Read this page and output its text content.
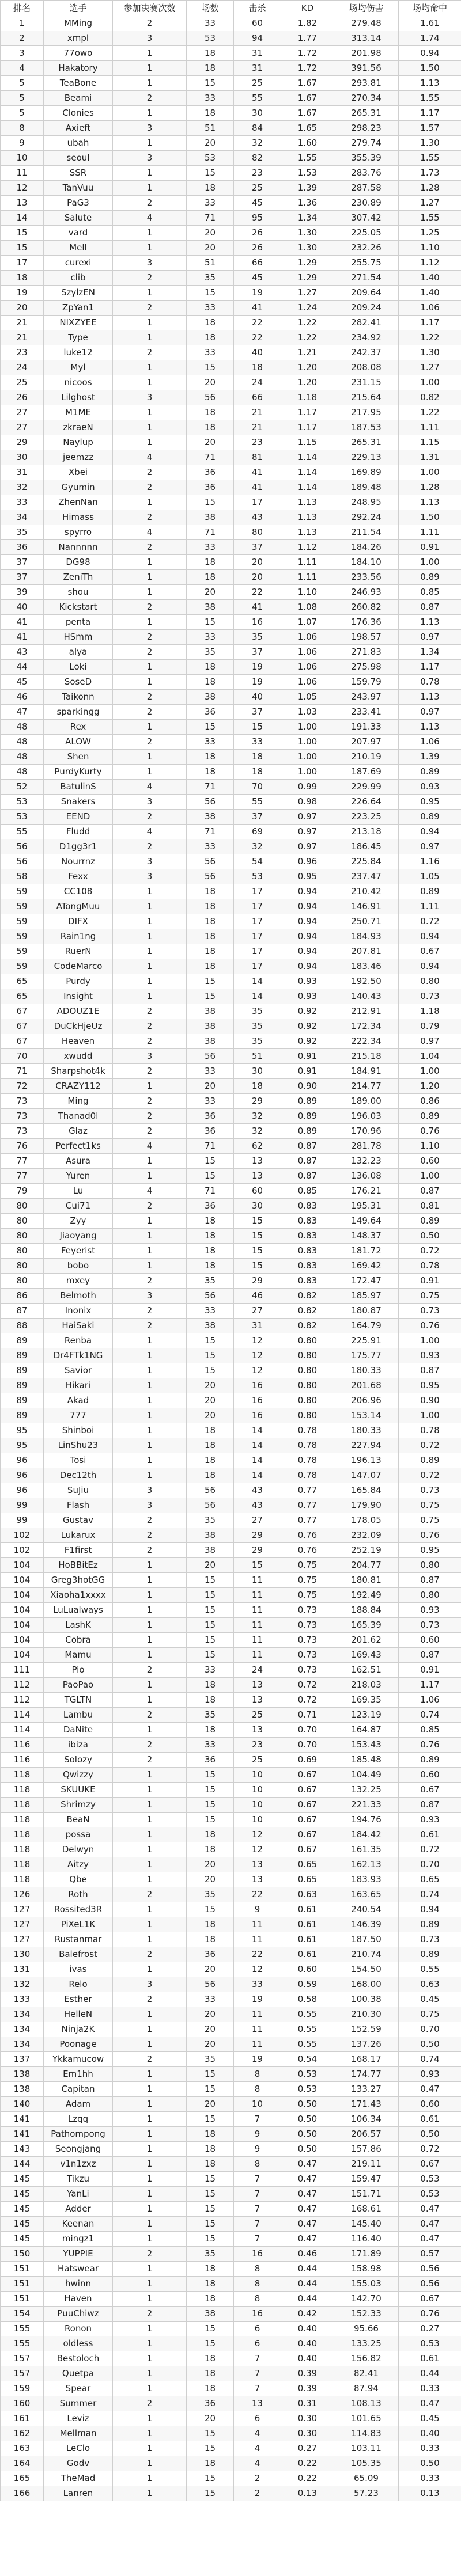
排名	选手	参加决赛次数	场数	击杀	KD	场均伤害	场均命中
1	MMing	2	33	60	1.82	279.48	1.61
2	xmpl	3	53	94	1.77	313.14	1.74
3	77owo	1	18	31	1.72	201.98	0.94
4	Hakatory	1	18	31	1.72	391.56	1.50
5	TeaBone	1	15	25	1.67	293.81	1.13
5	Beami	2	33	55	1.67	270.34	1.55
5	Clonies	1	18	30	1.67	265.31	1.17
8	Axieft	3	51	84	1.65	298.23	1.57
9	ubah	1	20	32	1.60	279.74	1.30
10	seoul	3	53	82	1.55	355.39	1.55
11	SSR	1	15	23	1.53	283.76	1.73
12	TanVuu	1	18	25	1.39	287.58	1.28
13	PaG3	2	33	45	1.36	230.89	1.27
14	Salute	4	71	95	1.34	307.42	1.55
15	vard	1	20	26	1.30	225.05	1.25
15	Mell	1	20	26	1.30	232.26	1.10
17	curexi	3	51	66	1.29	255.75	1.12
18	clib	2	35	45	1.29	271.54	1.40
19	SzylzEN	1	15	19	1.27	209.64	1.40
20	ZpYan1	2	33	41	1.24	209.24	1.06
21	NIXZYEE	1	18	22	1.22	282.41	1.17
21	Type	1	18	22	1.22	234.92	1.22
23	luke12	2	33	40	1.21	242.37	1.30
24	Myl	1	15	18	1.20	208.08	1.27
25	nicoos	1	20	24	1.20	231.15	1.00
26	Lilghost	3	56	66	1.18	215.64	0.82
27	M1ME	1	18	21	1.17	217.95	1.22
27	zkraeN	1	18	21	1.17	187.53	1.11
29	Naylup	1	20	23	1.15	265.31	1.15
30	jeemzz	4	71	81	1.14	229.13	1.31
31	Xbei	2	36	41	1.14	169.89	1.00
32	Gyumin	2	36	41	1.14	189.48	1.28
33	ZhenNan	1	15	17	1.13	248.95	1.13
34	Himass	2	38	43	1.13	292.24	1.50
35	spyrro	4	71	80	1.13	211.54	1.11
36	Nannnnn	2	33	37	1.12	184.26	0.91
37	DG98	1	18	20	1.11	184.10	1.00
37	ZeniTh	1	18	20	1.11	233.56	0.89
39	shou	1	20	22	1.10	246.93	0.85
40	Kickstart	2	38	41	1.08	260.82	0.87
41	penta	1	15	16	1.07	176.36	1.13
41	HSmm	2	33	35	1.06	198.57	0.97
43	alya	2	35	37	1.06	271.83	1.34
44	Loki	1	18	19	1.06	275.98	1.17
45	SoseD	1	18	19	1.06	159.79	0.78
46	Taikonn	2	38	40	1.05	243.97	1.13
47	sparkingg	2	36	37	1.03	233.41	0.97
48	Rex	1	15	15	1.00	191.33	1.13
48	ALOW	2	33	33	1.00	207.97	1.06
48	Shen	1	18	18	1.00	210.19	1.39
48	PurdyKurty	1	18	18	1.00	187.69	0.89
52	BatulinS	4	71	70	0.99	229.99	0.93
53	Snakers	3	56	55	0.98	226.64	0.95
53	EEND	2	38	37	0.97	223.25	0.89
55	Fludd	4	71	69	0.97	213.18	0.94
56	D1gg3r1	2	33	32	0.97	186.45	0.97
56	Nourrnz	3	56	54	0.96	225.84	1.16
58	Fexx	3	56	53	0.95	237.47	1.05
59	CC108	1	18	17	0.94	210.42	0.89
59	ATongMuu	1	18	17	0.94	146.91	1.11
59	DIFX	1	18	17	0.94	250.71	0.72
59	Rain1ng	1	18	17	0.94	184.93	0.94
59	RuerN	1	18	17	0.94	207.81	0.67
59	CodeMarco	1	18	17	0.94	183.46	0.94
65	Purdy	1	15	14	0.93	192.50	0.80
65	Insight	1	15	14	0.93	140.43	0.73
67	ADOUZ1E	2	38	35	0.92	212.91	1.18
67	DuCkHjeUz	2	38	35	0.92	172.34	0.79
67	Heaven	2	38	35	0.92	222.34	0.97
70	xwudd	3	56	51	0.91	215.18	1.04
71	Sharpshot4k	2	33	30	0.91	184.91	1.00
72	CRAZY112	1	20	18	0.90	214.77	1.20
73	Ming	2	33	29	0.89	189.00	0.86
73	Thanad0l	2	36	32	0.89	196.03	0.89
73	Glaz	2	36	32	0.89	170.96	0.76
76	Perfect1ks	4	71	62	0.87	281.78	1.10
77	Asura	1	15	13	0.87	132.23	0.60
77	Yuren	1	15	13	0.87	136.08	1.00
79	Lu	4	71	60	0.85	176.21	0.87
80	Cui71	2	36	30	0.83	195.31	0.81
80	Zyy	1	18	15	0.83	149.64	0.89
80	Jiaoyang	1	18	15	0.83	148.37	0.50
80	Feyerist	1	18	15	0.83	181.72	0.72
80	bobo	1	18	15	0.83	169.42	0.78
80	mxey	2	35	29	0.83	172.47	0.91
86	Belmoth	3	56	46	0.82	185.97	0.75
87	Inonix	2	33	27	0.82	180.87	0.73
88	HaiSaki	2	38	31	0.82	164.79	0.76
89	Renba	1	15	12	0.80	225.91	1.00
89	Dr4FTk1NG	1	15	12	0.80	175.77	0.93
89	Savior	1	15	12	0.80	180.33	0.87
89	Hikari	1	20	16	0.80	201.68	0.95
89	Akad	1	20	16	0.80	206.96	0.90
89	777	1	20	16	0.80	153.14	1.00
95	Shinboi	1	18	14	0.78	180.33	0.78
95	LinShu23	1	18	14	0.78	227.94	0.72
96	Tosi	1	18	14	0.78	196.13	0.89
96	Dec12th	1	18	14	0.78	147.07	0.72
96	SuJiu	3	56	43	0.77	165.84	0.73
99	Flash	3	56	43	0.77	179.90	0.75
99	Gustav	2	35	27	0.77	178.05	0.75
102	Lukarux	2	38	29	0.76	232.09	0.76
102	F1first	2	38	29	0.76	252.19	0.95
104	HoBBitEz	1	20	15	0.75	204.77	0.80
104	Greg3hotGG	1	15	11	0.75	180.81	0.87
104	Xiaoha1xxxx	1	15	11	0.75	192.49	0.80
104	LuLualways	1	15	11	0.73	188.84	0.93
104	LashK	1	15	11	0.73	165.39	0.73
104	Cobra	1	15	11	0.73	201.62	0.60
104	Mamu	1	15	11	0.73	169.43	0.87
111	Pio	2	33	24	0.73	162.51	0.91
112	PaoPao	1	18	13	0.72	218.03	1.17
112	TGLTN	1	18	13	0.72	169.35	1.06
114	Lambu	2	35	25	0.71	123.19	0.74
114	DaNite	1	18	13	0.70	164.87	0.85
116	ibiza	2	33	23	0.70	153.43	0.76
116	Solozy	2	36	25	0.69	185.48	0.89
118	Qwizzy	1	15	10	0.67	104.49	0.60
118	SKUUKE	1	15	10	0.67	132.25	0.67
118	Shrimzy	1	15	10	0.67	221.33	0.87
118	BeaN	1	15	10	0.67	194.76	0.93
118	possa	1	18	12	0.67	184.42	0.61
118	Delwyn	1	18	12	0.67	161.35	0.72
118	Aitzy	1	20	13	0.65	162.13	0.70
118	Qbe	1	20	13	0.65	183.93	0.65
126	Roth	2	35	22	0.63	163.65	0.74
127	Rossited3R	1	15	9	0.61	240.54	0.94
127	PiXeL1K	1	18	11	0.61	146.39	0.89
127	Rustanmar	1	18	11	0.61	187.50	0.73
130	Balefrost	2	36	22	0.61	210.74	0.89
131	ivas	1	20	12	0.60	154.50	0.55
132	Relo	3	56	33	0.59	168.00	0.63
133	Esther	2	33	19	0.58	100.38	0.45
134	HelleN	1	20	11	0.55	210.30	0.75
134	Ninja2K	1	20	11	0.55	152.59	0.70
134	Poonage	1	20	11	0.55	137.26	0.50
137	Ykkamucow	2	35	19	0.54	168.17	0.74
138	Em1hh	1	15	8	0.53	174.77	0.93
138	Capitan	1	15	8	0.53	133.27	0.47
140	Adam	1	20	10	0.50	171.43	0.60
141	Lzqq	1	15	7	0.50	106.34	0.61
141	Pathompong	1	18	9	0.50	206.57	0.50
143	Seongjang	1	18	9	0.50	157.86	0.72
144	v1n1zxz	1	18	8	0.47	219.11	0.67
145	Tikzu	1	15	7	0.47	159.47	0.53
145	YanLi	1	15	7	0.47	151.71	0.53
145	Adder	1	15	7	0.47	168.61	0.47
145	Keenan	1	15	7	0.47	145.40	0.47
145	mingz1	1	15	7	0.47	116.40	0.47
150	YUPPIE	2	35	16	0.46	171.89	0.57
151	Hatswear	1	18	8	0.44	158.98	0.56
151	hwinn	1	18	8	0.44	155.03	0.56
151	Haven	1	18	8	0.44	142.70	0.67
154	PuuChiwz	2	38	16	0.42	152.33	0.76
155	Ronon	1	15	6	0.40	95.66	0.27
155	oldless	1	15	6	0.40	133.25	0.53
157	Bestoloch	1	18	7	0.40	156.82	0.61
157	Quetpa	1	18	7	0.39	82.41	0.44
159	Spear	1	18	7	0.39	87.94	0.33
160	Summer	2	36	13	0.31	108.13	0.47
161	Leviz	1	20	6	0.30	101.65	0.45
162	Mellman	1	15	4	0.30	114.83	0.40
163	LeClo	1	15	4	0.27	103.11	0.33
164	Godv	1	18	4	0.22	105.35	0.50
165	TheMad	1	15	2	0.22	65.09	0.33
166	Lanren	1	15	2	0.13	57.23	0.13
